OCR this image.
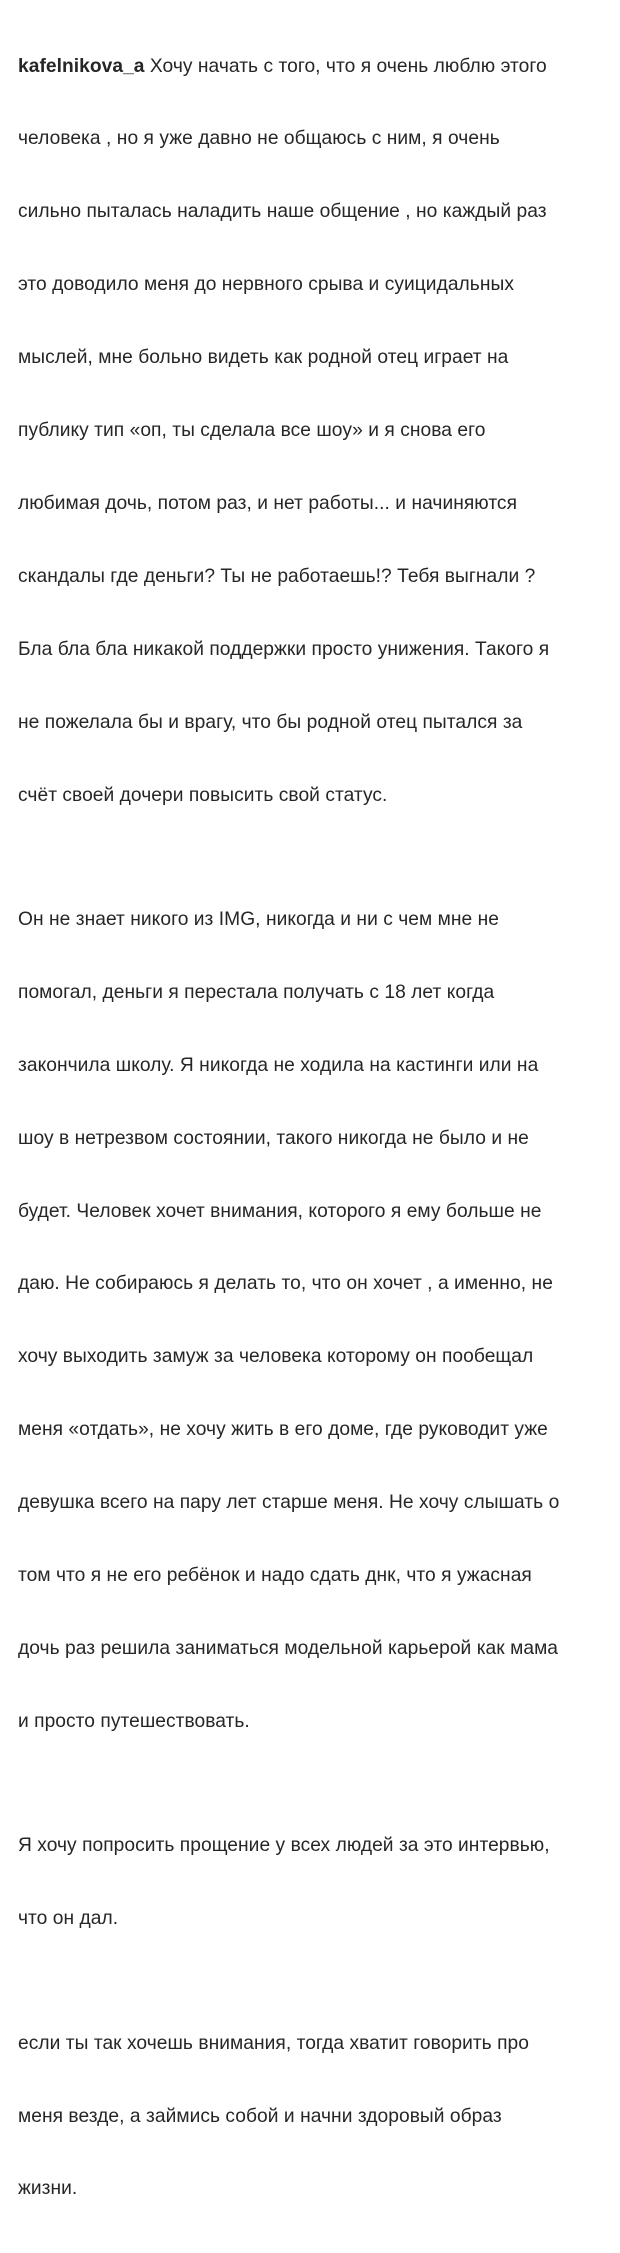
kafelnikova_a Хочу начать с того, что я очень люблю этого

человека , но я уже давно не общаюсь с ним, я очень

сильно пыталась наладить наше общение , но каждый раз

это доводило меня до нервного срыва и суицидальных

мыслей, мне больно видеть как родной отец играет на

публику тип «оп, ты сделала все шоу» и я снова его

любимая дочь, потом раз, и нет работы... и начиняются

скандалы где деньги? Ты не работаешь!? Тебя выгнали ?

Бла бла бла никакой поддержки просто унижения. Такого я

не пожелала бы и врагу, что бы родной отец пытался за

счёт своей дочери повысить свой статус.

Он не знает никого из IMG, никогда и ни с чем мне не

помогал, деньги я перестала получать с 18 лет когда

закончила школу. Я никогда не ходила на кастинги или на

шоу в нетрезвом состоянии, такого никогда не было и не

будет. Человек хочет внимания, которого я ему больше не

даю. Не собираюсь я делать то, что он хочет , а именно, не

хочу выходить замуж за человека которому он пообещал

меня «отдать», не хочу жить в его доме, где руководит уже

девушка всего на пару лет старше меня. Не хочу слышать о

том что я не его ребёнок и надо сдать днк, что я ужасная

дочь раз решила заниматься модельной карьерой как мама

и просто путешествовать.

Я хочу попросить прощение у всех людей за это интервью,

что он дал.

если ты так хочешь внимания, тогда хватит говорить про

меня везде, а займись собой и начни здоровый образ

жизни.
